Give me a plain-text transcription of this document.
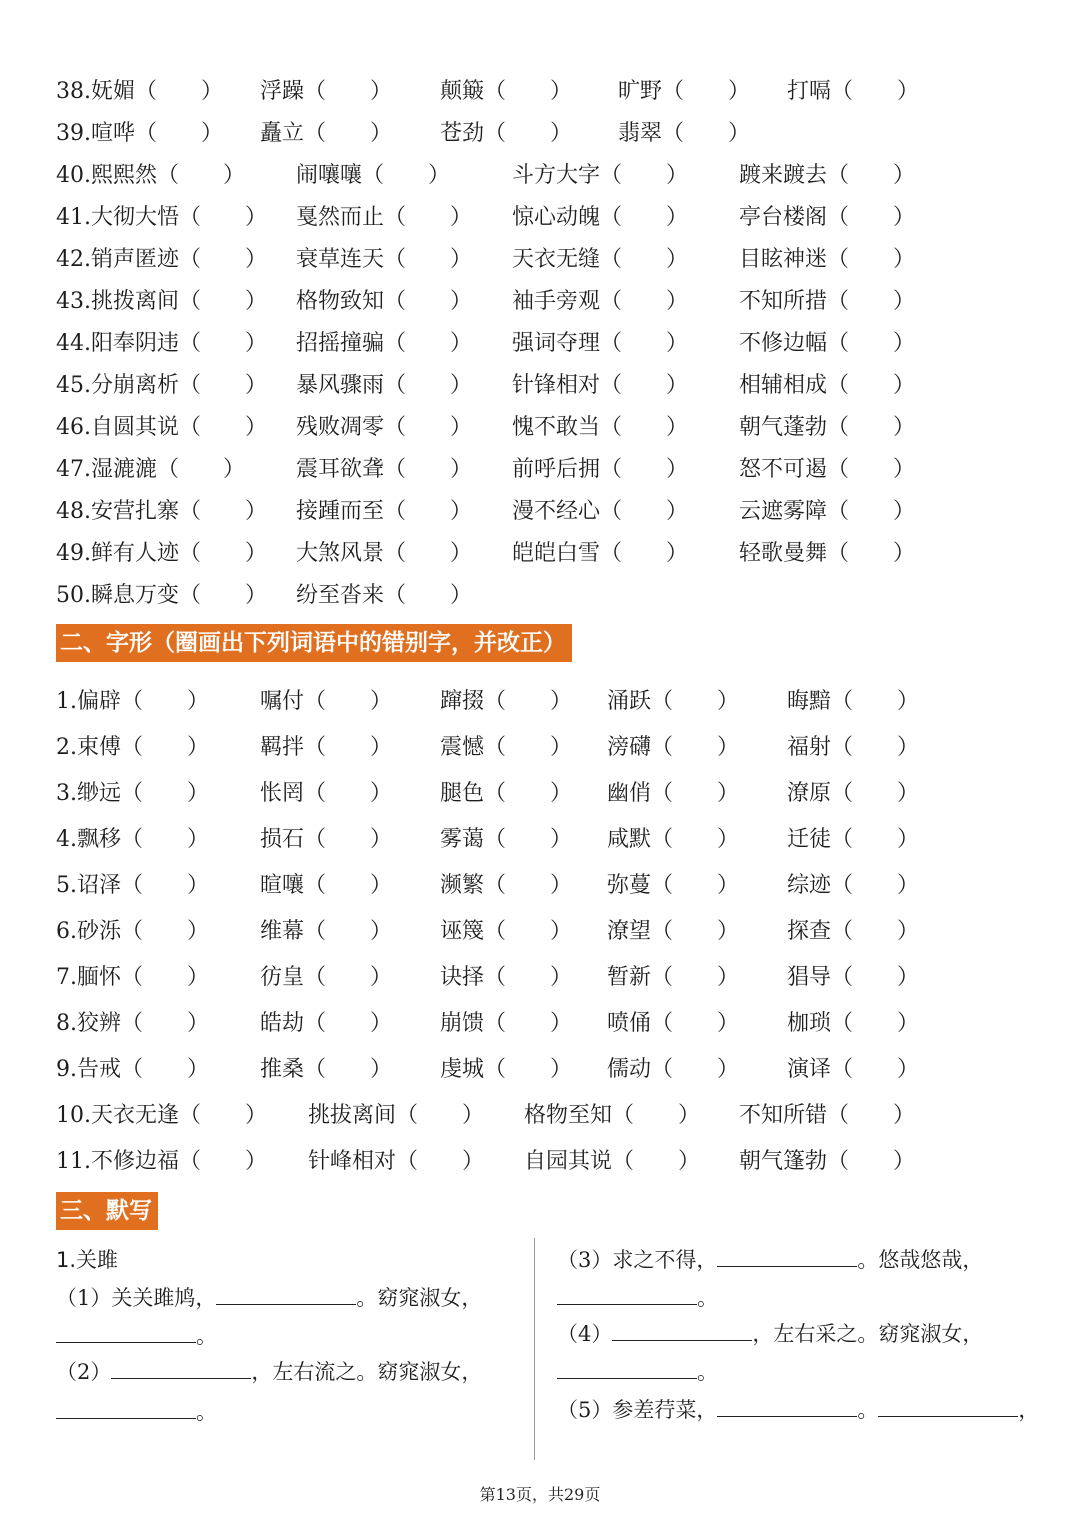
38.妩媚（　　） 浮躁（　　） 颠簸（　　） 旷野（　　） 打嗝（　　）
39.喧哗（　　） 矗立（　　） 苍劲（　　） 翡翠（　　）
40.熙熙然（　　） 闹嚷嚷（　　）	斗方大字（　　） 踱来踱去（　　）
41.大彻大悟（　　） 戛然而止（　　） 惊心动魄（　　） 亭台楼阁（　　）
42.销声匿迹（　　） 衰草连天（　　） 天衣无缝（　　） 目眩神迷（　　）
43.挑拨离间（　　） 格物致知（　　） 袖手旁观（　　） 不知所措（　　）
44.阳奉阴违（　　） 招摇撞骗（　　） 强词夺理（　　） 不修边幅（　　）
45.分崩离析（　　） 暴风骤雨（　　） 针锋相对（　　） 相辅相成（　　）
46.自圆其说（　　） 残败凋零（　　） 愧不敢当（　　） 朝气蓬勃（　　）
47.湿漉漉（　　） 震耳欲聋（　　） 前呼后拥（　　） 怒不可遏（　　）
48.安营扎寨（　　） 接踵而至（　　） 漫不经心（　　） 云遮雾障（　　）
49.鲜有人迹（　　） 大煞风景（　　） 皑皑白雪（　　） 轻歌曼舞（　　）
50.瞬息万变（　　） 纷至沓来（　　）
二、字形（圈画出下列词语中的错别字，并改正）
1.偏辟（　　） 嘱付（　　） 蹿掇（　　） 涌跃（　　） 晦黯（　　）
2.束傅（　　） 羁拌（　　） 震憾（　　） 滂礴（　　） 福射（　　）
3.缈远（　　） 怅罔（　　） 腿色（　　） 幽俏（　　） 潦原（　　）
4.飘移（　　） 损石（　　） 雾蔼（　　） 咸默（　　） 迁徒（　　）
5.诏泽（　　） 暄嚷（　　） 濒繁（　　） 弥蔓（　　） 综迹（　　）
6.砂泺（　　） 维幕（　　） 诬篾（　　） 潦望（　　） 探查（　　）
7.腼怀（　　） 彷皇（　　） 诀择（　　） 暂新（　　） 猖导（　　）
8.狡辨（　　） 皓劫（　　） 崩馈（　　） 喷俑（　　） 枷琐（　　）
9.告戒（　　） 推桑（　　） 虔城（　　） 儒动（　　） 演译（　　）
10.天衣无逢（　　） 挑拔离间（　　） 格物至知（　　） 不知所错（　　）
11.不修边福（　　） 针峰相对（　　） 自园其说（　　） 朝气篷勃（　　）
三、默写
1.关雎
（1）关关雎鸠，	。窈窕淑女，
。
（2）	，左右流之。窈窕淑女，
。
（3）求之不得，	。悠哉悠哉，
。
（4）	，左右采之。窈窕淑女，
。
（5）参差荇菜，	。	，
第13页，共29页
